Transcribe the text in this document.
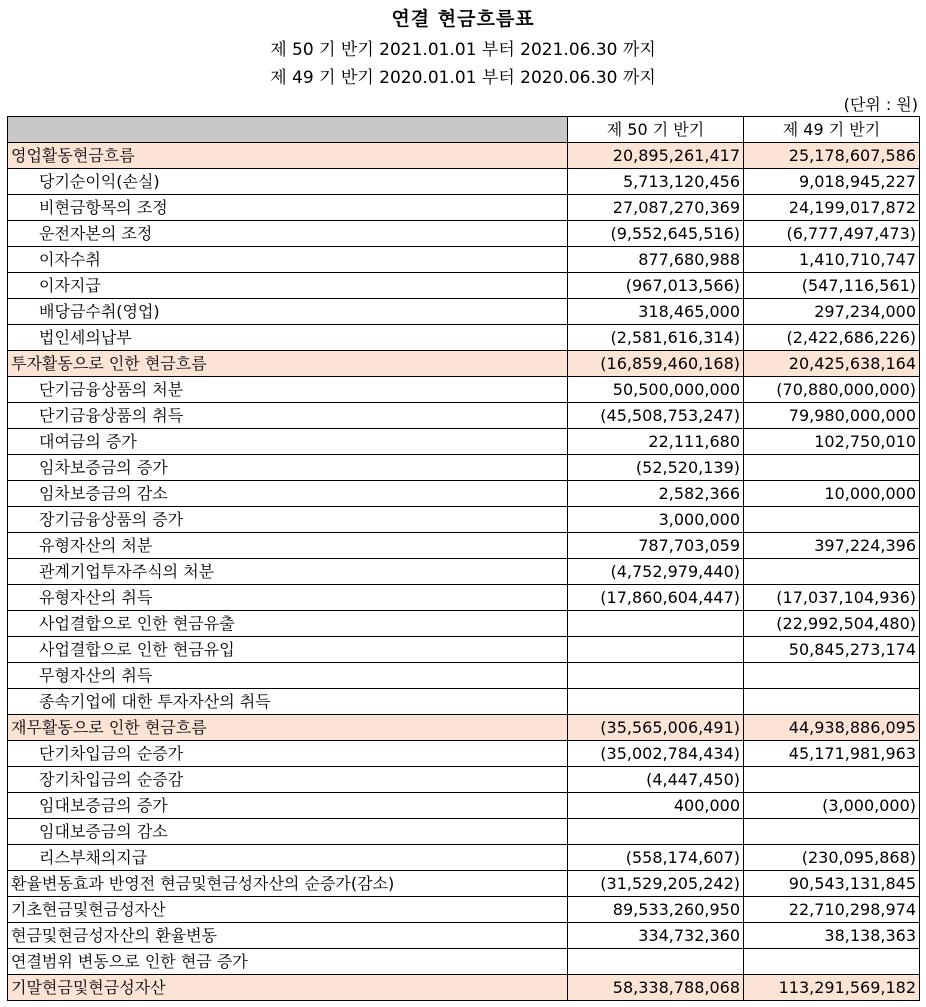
연결 현금흐름표
제 50 기 반기 2021.01.01 부터 2021.06.30 까지
제 49 기 반기 2020.01.01 부터 2020.06.30 까지
(단위 : 원)
	제 50 기 반기	제 49 기 반기
영업활동현금흐름	20,895,261,417	25,178,607,586
당기순이익(손실)	5,713,120,456	9,018,945,227
비현금항목의 조정	27,087,270,369	24,199,017,872
운전자본의 조정	(9,552,645,516)	(6,777,497,473)
이자수취	877,680,988	1,410,710,747
이자지급	(967,013,566)	(547,116,561)
배당금수취(영업)	318,465,000	297,234,000
법인세의납부	(2,581,616,314)	(2,422,686,226)
투자활동으로 인한 현금흐름	(16,859,460,168)	20,425,638,164
단기금융상품의 처분	50,500,000,000	(70,880,000,000)
단기금융상품의 취득	(45,508,753,247)	79,980,000,000
대여금의 증가	22,111,680	102,750,010
임차보증금의 증가	(52,520,139)	
임차보증금의 감소	2,582,366	10,000,000
장기금융상품의 증가	3,000,000	
유형자산의 처분	787,703,059	397,224,396
관계기업투자주식의 처분	(4,752,979,440)	
유형자산의 취득	(17,860,604,447)	(17,037,104,936)
사업결합으로 인한 현금유출		(22,992,504,480)
사업결합으로 인한 현금유입		50,845,273,174
무형자산의 취득		
종속기업에 대한 투자자산의 취득		
재무활동으로 인한 현금흐름	(35,565,006,491)	44,938,886,095
단기차입금의 순증가	(35,002,784,434)	45,171,981,963
장기차입금의 순증감	(4,447,450)	
임대보증금의 증가	400,000	(3,000,000)
임대보증금의 감소		
리스부채의지급	(558,174,607)	(230,095,868)
환율변동효과 반영전 현금및현금성자산의 순증가(감소)	(31,529,205,242)	90,543,131,845
기초현금및현금성자산	89,533,260,950	22,710,298,974
현금및현금성자산의 환율변동	334,732,360	38,138,363
연결범위 변동으로 인한 현금 증가		
기말현금및현금성자산	58,338,788,068	113,291,569,182
